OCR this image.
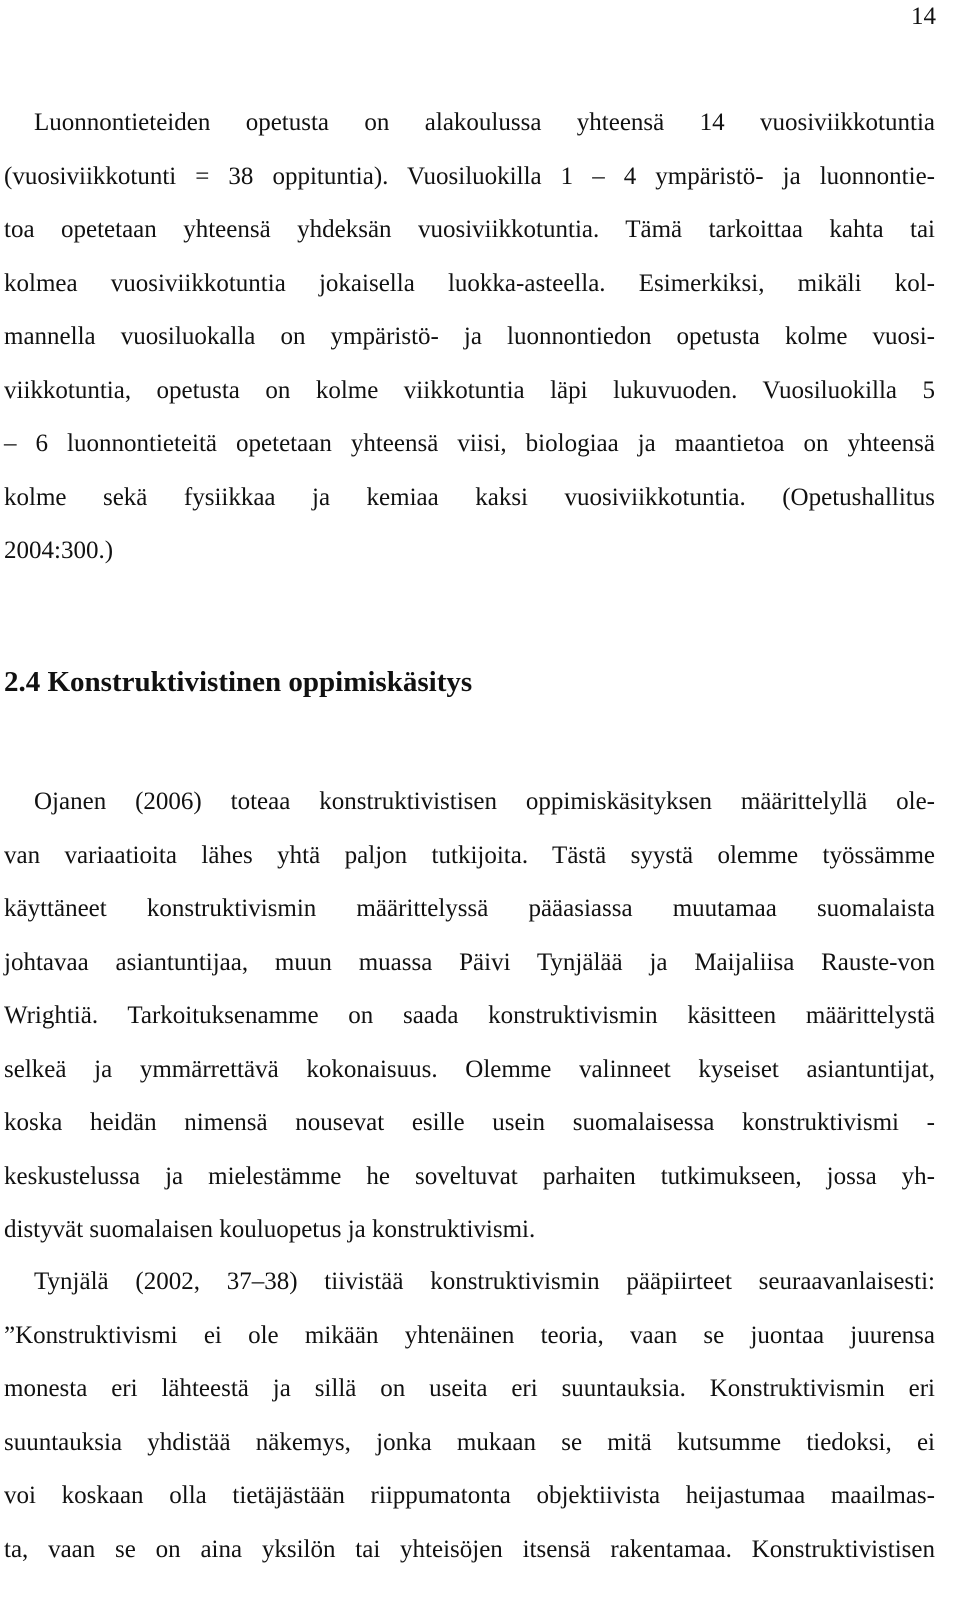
14
Luonnontieteiden opetusta on alakoulussa yhteensä 14 vuosiviikkotuntia
(vuosiviikkotunti = 38 oppituntia). Vuosiluokilla 1 – 4 ympäristö- ja luonnontie-
toa opetetaan yhteensä yhdeksän vuosiviikkotuntia. Tämä tarkoittaa kahta tai
kolmea vuosiviikkotuntia jokaisella luokka-asteella. Esimerkiksi, mikäli kol-
mannella vuosiluokalla on ympäristö- ja luonnontiedon opetusta kolme vuosi-
viikkotuntia, opetusta on kolme viikkotuntia läpi lukuvuoden. Vuosiluokilla 5
– 6 luonnontieteitä opetetaan yhteensä viisi, biologiaa ja maantietoa on yhteensä
kolme sekä fysiikkaa ja kemiaa kaksi vuosiviikkotuntia. (Opetushallitus
2004:300.)
2.4 Konstruktivistinen oppimiskäsitys
Ojanen (2006) toteaa konstruktivistisen oppimiskäsityksen määrittelyllä ole-
van variaatioita lähes yhtä paljon tutkijoita. Tästä syystä olemme työssämme
käyttäneet konstruktivismin määrittelyssä pääasiassa muutamaa suomalaista
johtavaa asiantuntijaa, muun muassa Päivi Tynjälää ja Maijaliisa Rauste-von
Wrightiä. Tarkoituksenamme on saada konstruktivismin käsitteen määrittelystä
selkeä ja ymmärrettävä kokonaisuus. Olemme valinneet kyseiset asiantuntijat,
koska heidän nimensä nousevat esille usein suomalaisessa konstruktivismi -
keskustelussa ja mielestämme he soveltuvat parhaiten tutkimukseen, jossa yh-
distyvät suomalaisen kouluopetus ja konstruktivismi.
Tynjälä (2002, 37–38) tiivistää konstruktivismin pääpiirteet seuraavanlaisesti:
”Konstruktivismi ei ole mikään yhtenäinen teoria, vaan se juontaa juurensa
monesta eri lähteestä ja sillä on useita eri suuntauksia. Konstruktivismin eri
suuntauksia yhdistää näkemys, jonka mukaan se mitä kutsumme tiedoksi, ei
voi koskaan olla tietäjästään riippumatonta objektiivista heijastumaa maailmas-
ta, vaan se on aina yksilön tai yhteisöjen itsensä rakentamaa. Konstruktivistisen
